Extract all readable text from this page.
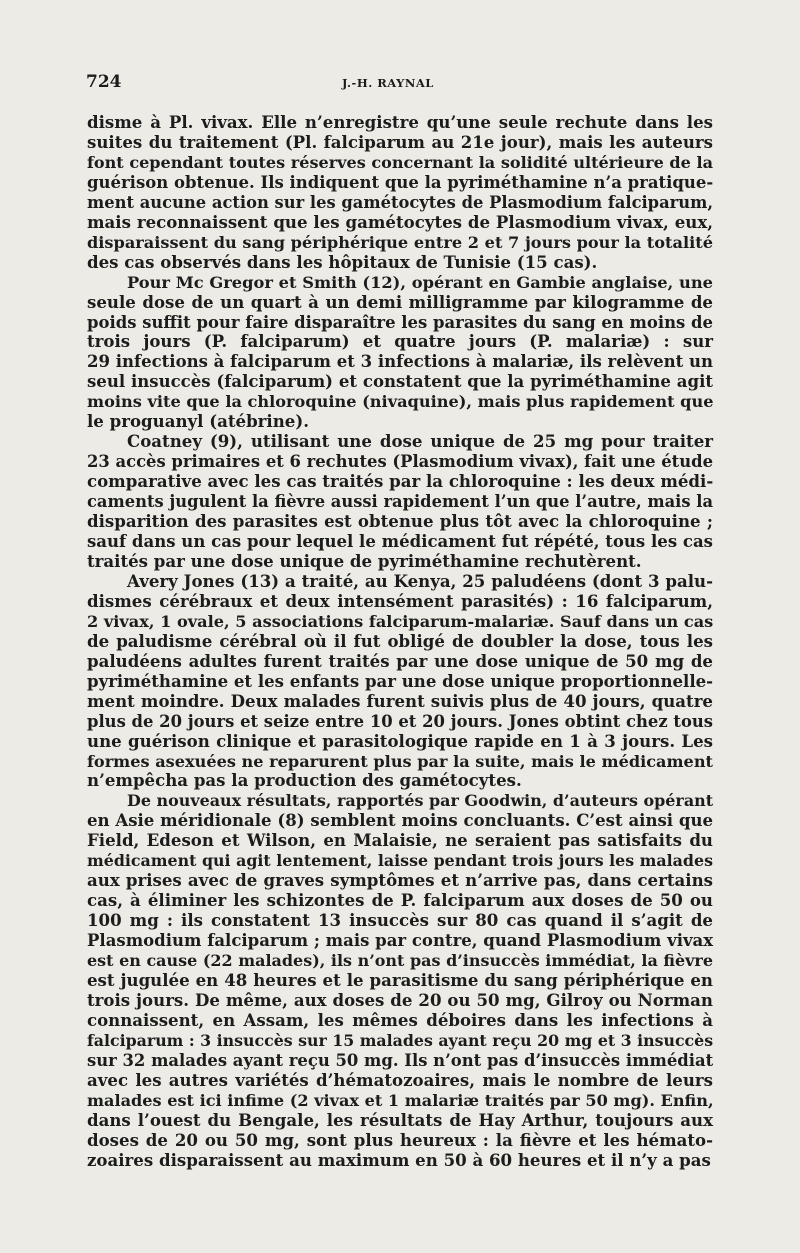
724	J.-H. RAYNAL
disme à Pl. vivax. Elle n’enregistre qu’une seule rechute dans les
suites du traitement (Pl. falciparum au 21e jour), mais les auteurs
font cependant toutes réserves concernant la solidité ultérieure de la
guérison obtenue. Ils indiquent que la pyriméthamine n’a pratique-
ment aucune action sur les gamétocytes de Plasmodium falciparum,
mais reconnaissent que les gamétocytes de Plasmodium vivax, eux,
disparaissent du sang périphérique entre 2 et 7 jours pour la totalité
des cas observés dans les hôpitaux de Tunisie (15 cas).
Pour Mc Gregor et Smith (12), opérant en Gambie anglaise, une
seule dose de un quart à un demi milligramme par kilogramme de
poids suffit pour faire disparaître les parasites du sang en moins de
trois jours (P. falciparum) et quatre jours (P. malariæ) : sur
29 infections à falciparum et 3 infections à malariæ, ils relèvent un
seul insuccès (falciparum) et constatent que la pyriméthamine agit
moins vite que la chloroquine (nivaquine), mais plus rapidement que
le proguanyl (atébrine).
Coatney (9), utilisant une dose unique de 25 mg pour traiter
23 accès primaires et 6 rechutes (Plasmodium vivax), fait une étude
comparative avec les cas traités par la chloroquine : les deux médi-
caments jugulent la fièvre aussi rapidement l’un que l’autre, mais la
disparition des parasites est obtenue plus tôt avec la chloroquine ;
sauf dans un cas pour lequel le médicament fut répété, tous les cas
traités par une dose unique de pyriméthamine rechutèrent.
Avery Jones (13) a traité, au Kenya, 25 paludéens (dont 3 palu-
dismes cérébraux et deux intensément parasités) : 16 falciparum,
2 vivax, 1 ovale, 5 associations falciparum-malariæ. Sauf dans un cas
de paludisme cérébral où il fut obligé de doubler la dose, tous les
paludéens adultes furent traités par une dose unique de 50 mg de
pyriméthamine et les enfants par une dose unique proportionnelle-
ment moindre. Deux malades furent suivis plus de 40 jours, quatre
plus de 20 jours et seize entre 10 et 20 jours. Jones obtint chez tous
une guérison clinique et parasitologique rapide en 1 à 3 jours. Les
formes asexuées ne reparurent plus par la suite, mais le médicament
n’empêcha pas la production des gamétocytes.
De nouveaux résultats, rapportés par Goodwin, d’auteurs opérant
en Asie méridionale (8) semblent moins concluants. C’est ainsi que
Field, Edeson et Wilson, en Malaisie, ne seraient pas satisfaits du
médicament qui agit lentement, laisse pendant trois jours les malades
aux prises avec de graves symptômes et n’arrive pas, dans certains
cas, à éliminer les schizontes de P. falciparum aux doses de 50 ou
100 mg : ils constatent 13 insuccès sur 80 cas quand il s’agit de
Plasmodium falciparum ; mais par contre, quand Plasmodium vivax
est en cause (22 malades), ils n’ont pas d’insuccès immédiat, la fièvre
est jugulée en 48 heures et le parasitisme du sang périphérique en
trois jours. De même, aux doses de 20 ou 50 mg, Gilroy ou Norman
connaissent, en Assam, les mêmes déboires dans les infections à
falciparum : 3 insuccès sur 15 malades ayant reçu 20 mg et 3 insuccès
sur 32 malades ayant reçu 50 mg. Ils n’ont pas d’insuccès immédiat
avec les autres variétés d’hématozoaires, mais le nombre de leurs
malades est ici infime (2 vivax et 1 malariæ traités par 50 mg). Enfin,
dans l’ouest du Bengale, les résultats de Hay Arthur, toujours aux
doses de 20 ou 50 mg, sont plus heureux : la fièvre et les hémato-
zoaires disparaissent au maximum en 50 à 60 heures et il n’y a pas
